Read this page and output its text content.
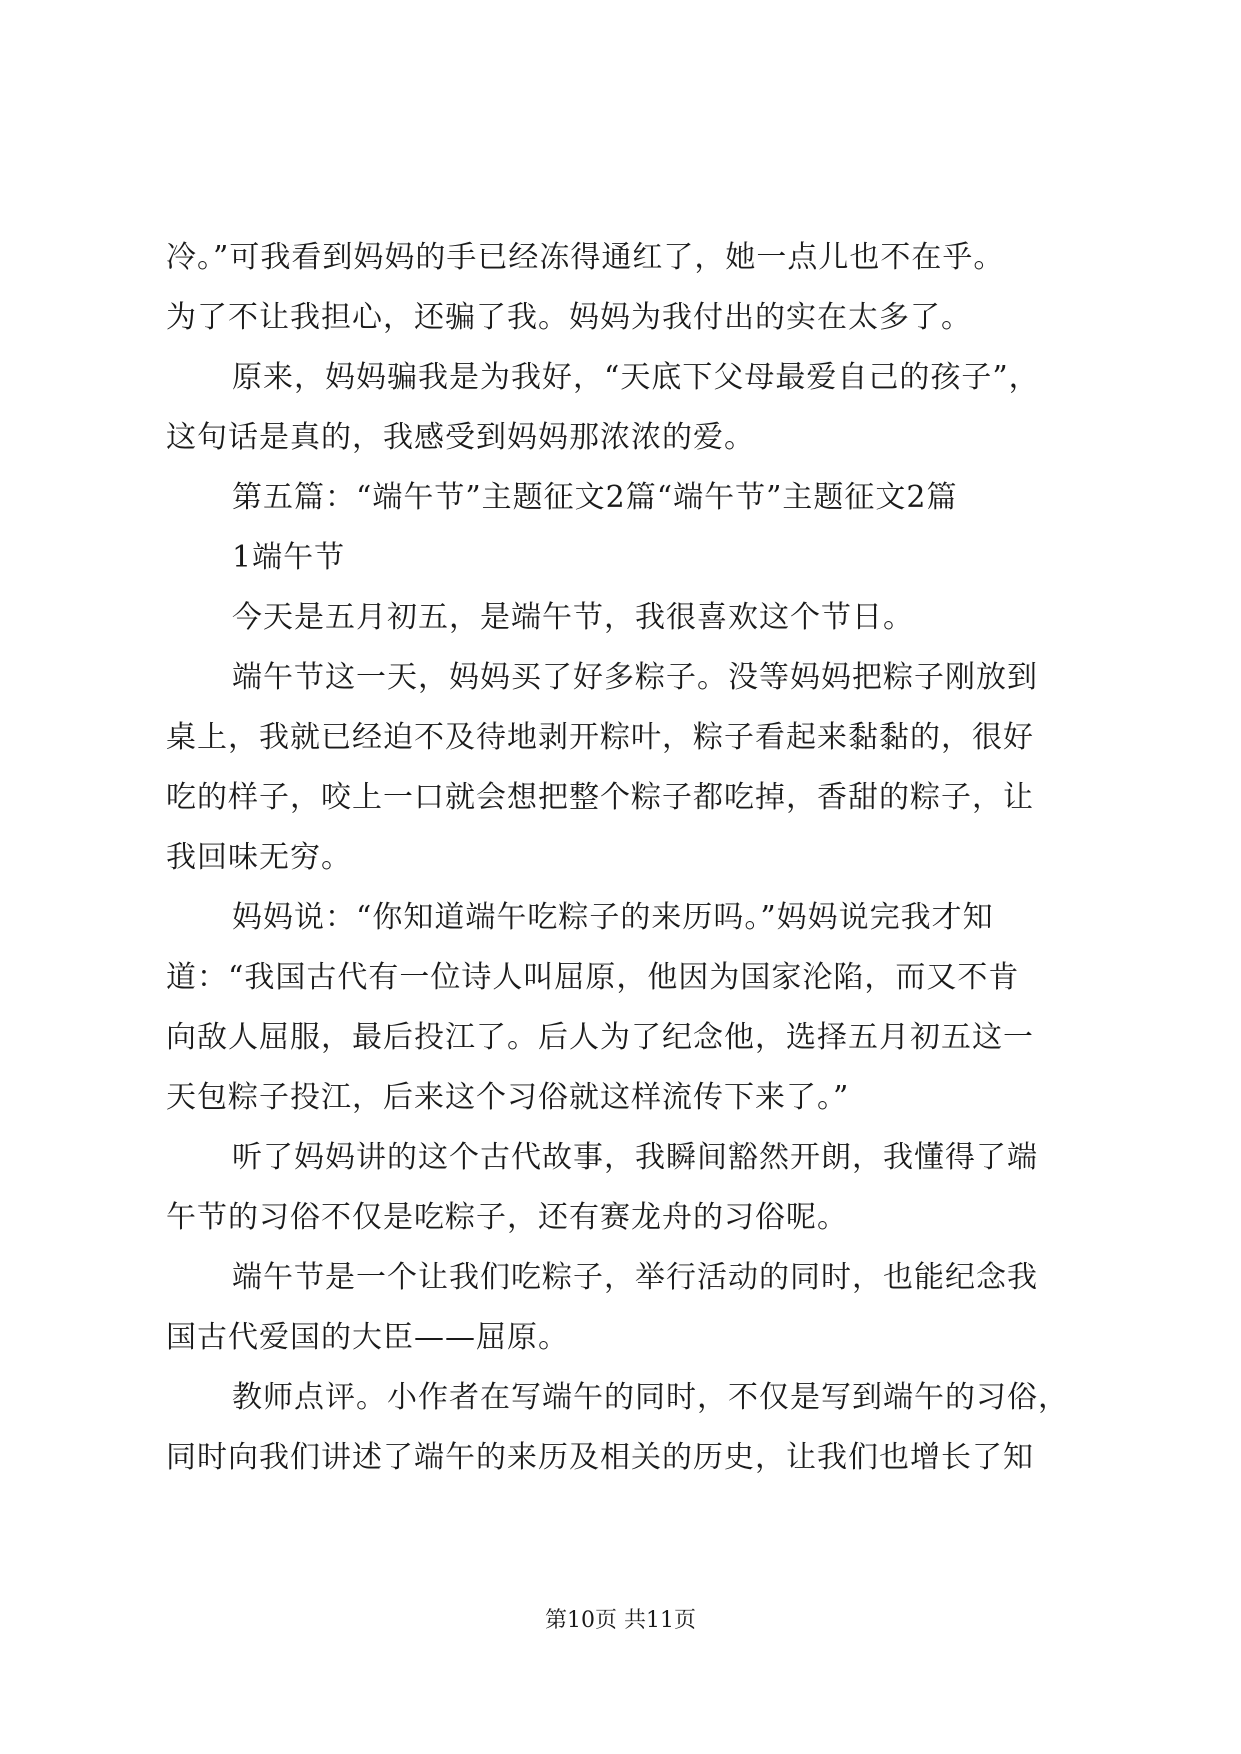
冷。”可我看到妈妈的手已经冻得通红了，她一点儿也不在乎。
为了不让我担心，还骗了我。妈妈为我付出的实在太多了。
原来，妈妈骗我是为我好，“天底下父母最爱自己的孩子”，
这句话是真的，我感受到妈妈那浓浓的爱。
第五篇：“端午节”主题征文2篇“端午节”主题征文2篇
1端午节
今天是五月初五，是端午节，我很喜欢这个节日。
端午节这一天，妈妈买了好多粽子。没等妈妈把粽子刚放到
桌上，我就已经迫不及待地剥开粽叶，粽子看起来黏黏的，很好
吃的样子，咬上一口就会想把整个粽子都吃掉，香甜的粽子，让
我回味无穷。
妈妈说：“你知道端午吃粽子的来历吗。”妈妈说完我才知
道：“我国古代有一位诗人叫屈原，他因为国家沦陷，而又不肯
向敌人屈服，最后投江了。后人为了纪念他，选择五月初五这一
天包粽子投江，后来这个习俗就这样流传下来了。”
听了妈妈讲的这个古代故事，我瞬间豁然开朗，我懂得了端
午节的习俗不仅是吃粽子，还有赛龙舟的习俗呢。
端午节是一个让我们吃粽子，举行活动的同时，也能纪念我
国古代爱国的大臣——屈原。
教师点评。小作者在写端午的同时，不仅是写到端午的习俗，
同时向我们讲述了端午的来历及相关的历史，让我们也增长了知
第10页 共11页
